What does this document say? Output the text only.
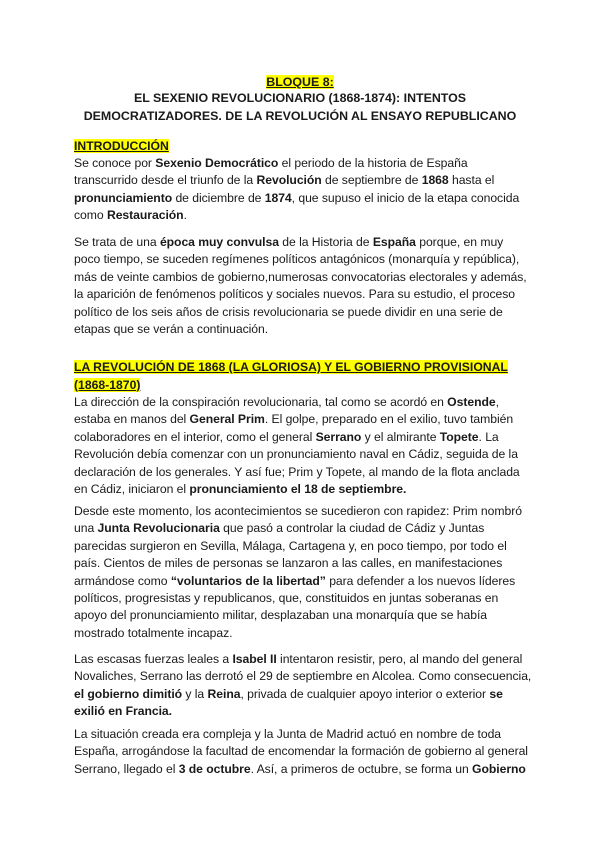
BLOQUE 8:
EL SEXENIO REVOLUCIONARIO (1868-1874): INTENTOS
DEMOCRATIZADORES. DE LA REVOLUCIÓN AL ENSAYO REPUBLICANO
INTRODUCCIÓN

Se conoce por Sexenio Democrático el periodo de la historia de España transcurrido desde el triunfo de la Revolución de septiembre de 1868 hasta el pronunciamiento de diciembre de 1874, que supuso el inicio de la etapa conocida como Restauración.

Se trata de una época muy convulsa de la Historia de España porque, en muy poco tiempo, se suceden regímenes políticos antagónicos (monarquía y república), más de veinte cambios de gobierno,numerosas convocatorias electorales y además, la aparición de fenómenos políticos y sociales nuevos. Para su estudio, el proceso político de los seis años de crisis revolucionaria se puede dividir en una serie de etapas que se verán a continuación.

LA REVOLUCIÓN DE 1868 (LA GLORIOSA) Y EL GOBIERNO PROVISIONAL
(1868-1870)

La dirección de la conspiración revolucionaria, tal como se acordó en Ostende, estaba en manos del General Prim. El golpe, preparado en el exilio, tuvo también colaboradores en el interior, como el general Serrano y el almirante Topete. La Revolución debía comenzar con un pronunciamiento naval en Cádiz, seguida de la declaración de los generales. Y así fue; Prim y Topete, al mando de la flota anclada en Cádiz, iniciaron el pronunciamiento el 18 de septiembre.

Desde este momento, los acontecimientos se sucedieron con rapidez: Prim nombró una Junta Revolucionaria que pasó a controlar la ciudad de Cádiz y Juntas parecidas surgieron en Sevilla, Málaga, Cartagena y, en poco tiempo, por todo el país. Cientos de miles de personas se lanzaron a las calles, en manifestaciones armándose como “voluntarios de la libertad” para defender a los nuevos líderes políticos, progresistas y republicanos, que, constituidos en juntas soberanas en apoyo del pronunciamiento militar, desplazaban una monarquía que se había mostrado totalmente incapaz.

Las escasas fuerzas leales a Isabel II intentaron resistir, pero, al mando del general Novaliches, Serrano las derrotó el 29 de septiembre en Alcolea. Como consecuencia, el gobierno dimitió y la Reina, privada de cualquier apoyo interior o exterior se exilió en Francia.

La situación creada era compleja y la Junta de Madrid actuó en nombre de toda España, arrogándose la facultad de encomendar la formación de gobierno al general Serrano, llegado el 3 de octubre. Así, a primeros de octubre, se forma un Gobierno
